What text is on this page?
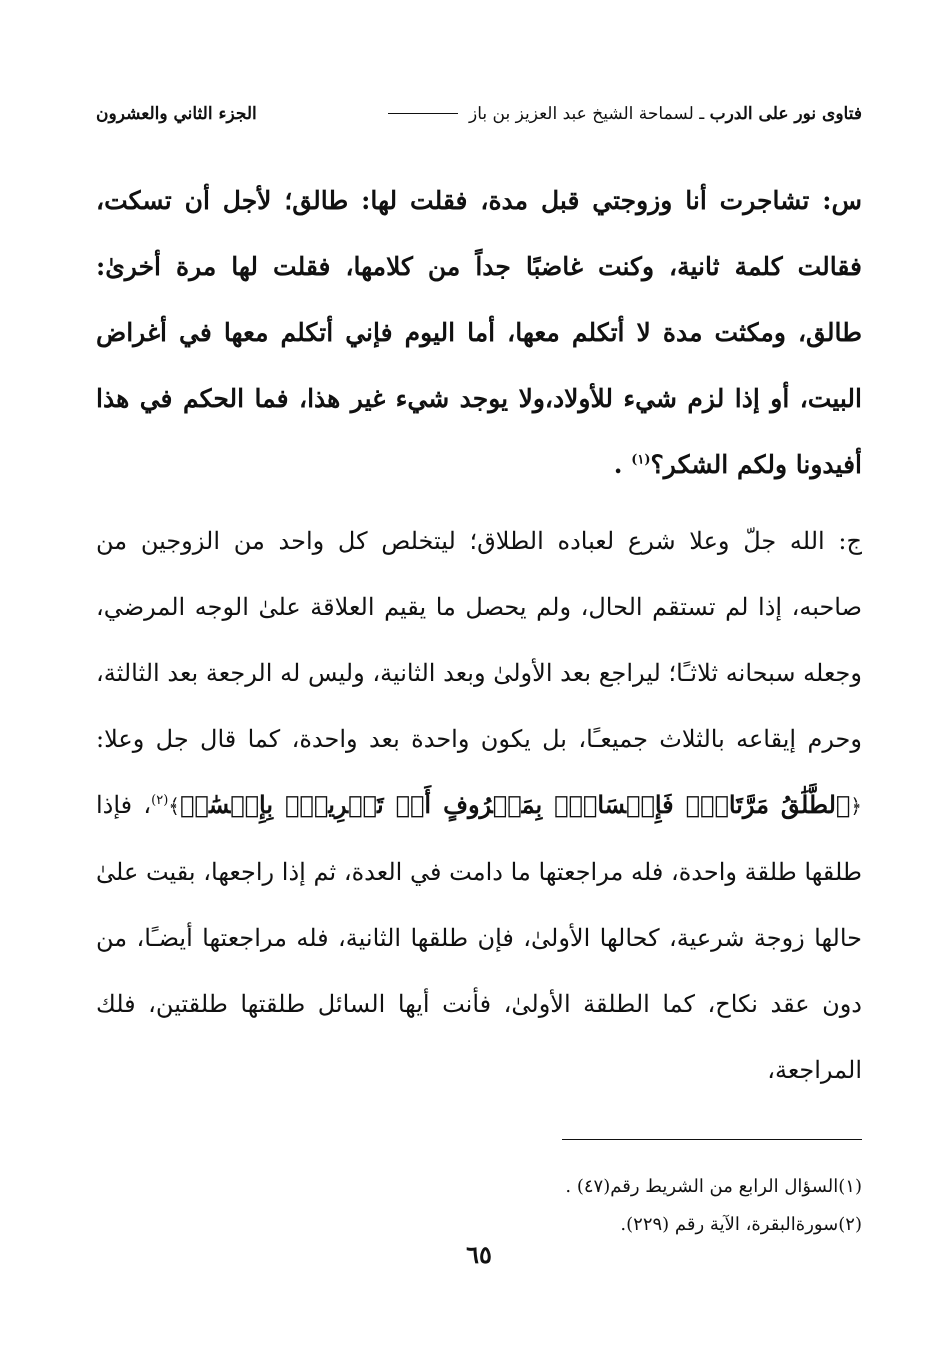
فتاوى نور على الدرب ـ لسماحة الشيخ عبد العزيز بن باز
الجزء الثاني والعشرون

س: تشاجرت أنا وزوجتي قبل مدة، فقلت لها: طالق؛ لأجل أن تسكت، فقالت كلمة ثانية، وكنت غاضبًا جداً من كلامها، فقلت لها مرة أخرىٰ: طالق، ومكثت مدة لا أتكلم معها، أما اليوم فإني أتكلم معها في أغراض البيت، أو إذا لزم شيء للأولاد،ولا يوجد شيء غير هذا، فما الحكم في هذا أفيدونا ولكم الشكر؟$^{(١)}$ .

ج: الله جلّ وعلا شرع لعباده الطلاق؛ ليتخلص كل واحد من الزوجين من صاحبه، إذا لم تستقم الحال، ولم يحصل ما يقيم العلاقة علىٰ الوجه المرضي، وجعله سبحانه ثلاثـًا؛ ليراجع بعد الأولىٰ وبعد الثانية، وليس له الرجعة بعد الثالثة، وحرم إيقاعه بالثلاث جميعـًا، بل يكون واحدة بعد واحدة، كما قال جل وعلا: ﴿ٱلطَّلَٰقُ مَرَّتَانِۖ فَإِمۡسَاكُۢ بِمَعۡرُوفٍ أَوۡ تَسۡرِيحُۢ بِإِحۡسَٰنٖ﴾$^{(٢)}$، فإذا طلقها طلقة واحدة، فله مراجعتها ما دامت في العدة، ثم إذا راجعها، بقيت علىٰ حالها زوجة شرعية، كحالها الأولىٰ، فإن طلقها الثانية، فله مراجعتها أيضـًا، من دون عقد نكاح، كما الطلقة الأولىٰ، فأنت أيها السائل طلقتها طلقتين، فلك المراجعة،

(١)السؤال الرابع من الشريط رقم(٤٧) .

(٢)سورةالبقرة، الآية رقم (٢٢٩).

٦٥
